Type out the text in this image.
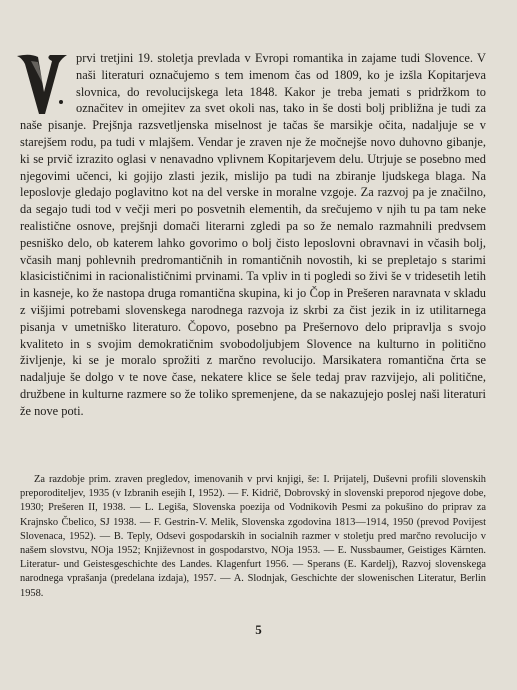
prvi tretjini 19. stoletja prevlada v Evropi romantika in zajame tudi Slovence. V naši literaturi označujemo s tem imenom čas od 1809, ko je izšla Kopitarjeva slovnica, do revolucijskega leta 1848. Kakor je treba jemati s pridržkom to označitev in omejitev za svet okoli nas, tako in še dosti bolj približna je tudi za naše pisanje. Prejšnja razsvetljenska miselnost je tačas še marsikje očita, nadaljuje se v starejšem rodu, pa tudi v mlajšem. Vendar je zraven nje že močnejše novo duhovno gibanje, ki se prvič izrazito oglasi v nenavadno vplivnem Kopitarjevem delu. Utrjuje se posebno med njegovimi učenci, ki gojijo zlasti jezik, mislijo pa tudi na zbiranje ljudskega blaga. Na leposlovje gledajo poglavitno kot na del verske in moralne vzgoje. Za razvoj pa je značilno, da segajo tudi tod v večji meri po posvetnih elementih, da srečujemo v njih tu pa tam neke realistične osnove, prejšnji domači literarni zgledi pa so že nemalo razmahnili predvsem pesniško delo, ob katerem lahko govorimo o bolj čisto leposlovni obravnavi in včasih bolj, včasih manj pohlevnih predromantičnih in romantičnih novostih, ki se prepletajo s starimi klasicističnimi in racionalističnimi prvinami. Ta vpliv in ti pogledi so živi še v tridesetih letih in kasneje, ko že nastopa druga romantična skupina, ki jo Čop in Prešeren naravnata v skladu z višjimi potrebami slovenskega narodnega razvoja iz skrbi za čist jezik in iz utilitarnega pisanja v umetniško literaturo. Čopovo, posebno pa Prešernovo delo pripravlja s svojo kvaliteto in s svojim demokratičnim svobodoljubjem Slovence na kulturno in politično življenje, ki se je moralo sprožiti z marčno revolucijo. Marsikatera romantična črta se nadaljuje še dolgo v te nove čase, nekatere klice se šele tedaj prav razvijejo, ali politične, družbene in kulturne razmere so že toliko spremenjene, da se nakazujejo poslej naši literaturi že nove poti.

Za razdobje prim. zraven pregledov, imenovanih v prvi knjigi, še: I. Prijatelj, Duševni profili slovenskih preporoditeljev, 1935 (v Izbranih esejih I, 1952). — F. Kidrič, Dobrovský in slovenski preporod njegove dobe, 1930; Prešeren II, 1938. — L. Legiša, Slovenska poezija od Vodnikovih Pesmi za pokušino do priprav za Krajnsko Čbelico, SJ 1938. — F. Gestrin-V. Melik, Slovenska zgodovina 1813—1914, 1950 (prevod Povijest Slovenaca, 1952). — B. Teply, Odsevi gospodarskih in socialnih razmer v stoletju pred marčno revolucijo v našem slovstvu, NOja 1952; Književnost in gospodarstvo, NOja 1953. — E. Nussbaumer, Geistiges Kärnten. Literatur- und Geistesgeschichte des Landes. Klagenfurt 1956. — Sperans (E. Kardelj), Razvoj slovenskega narodnega vprašanja (predelana izdaja), 1957. — A. Slodnjak, Geschichte der slowenischen Literatur, Berlin 1958.

5
